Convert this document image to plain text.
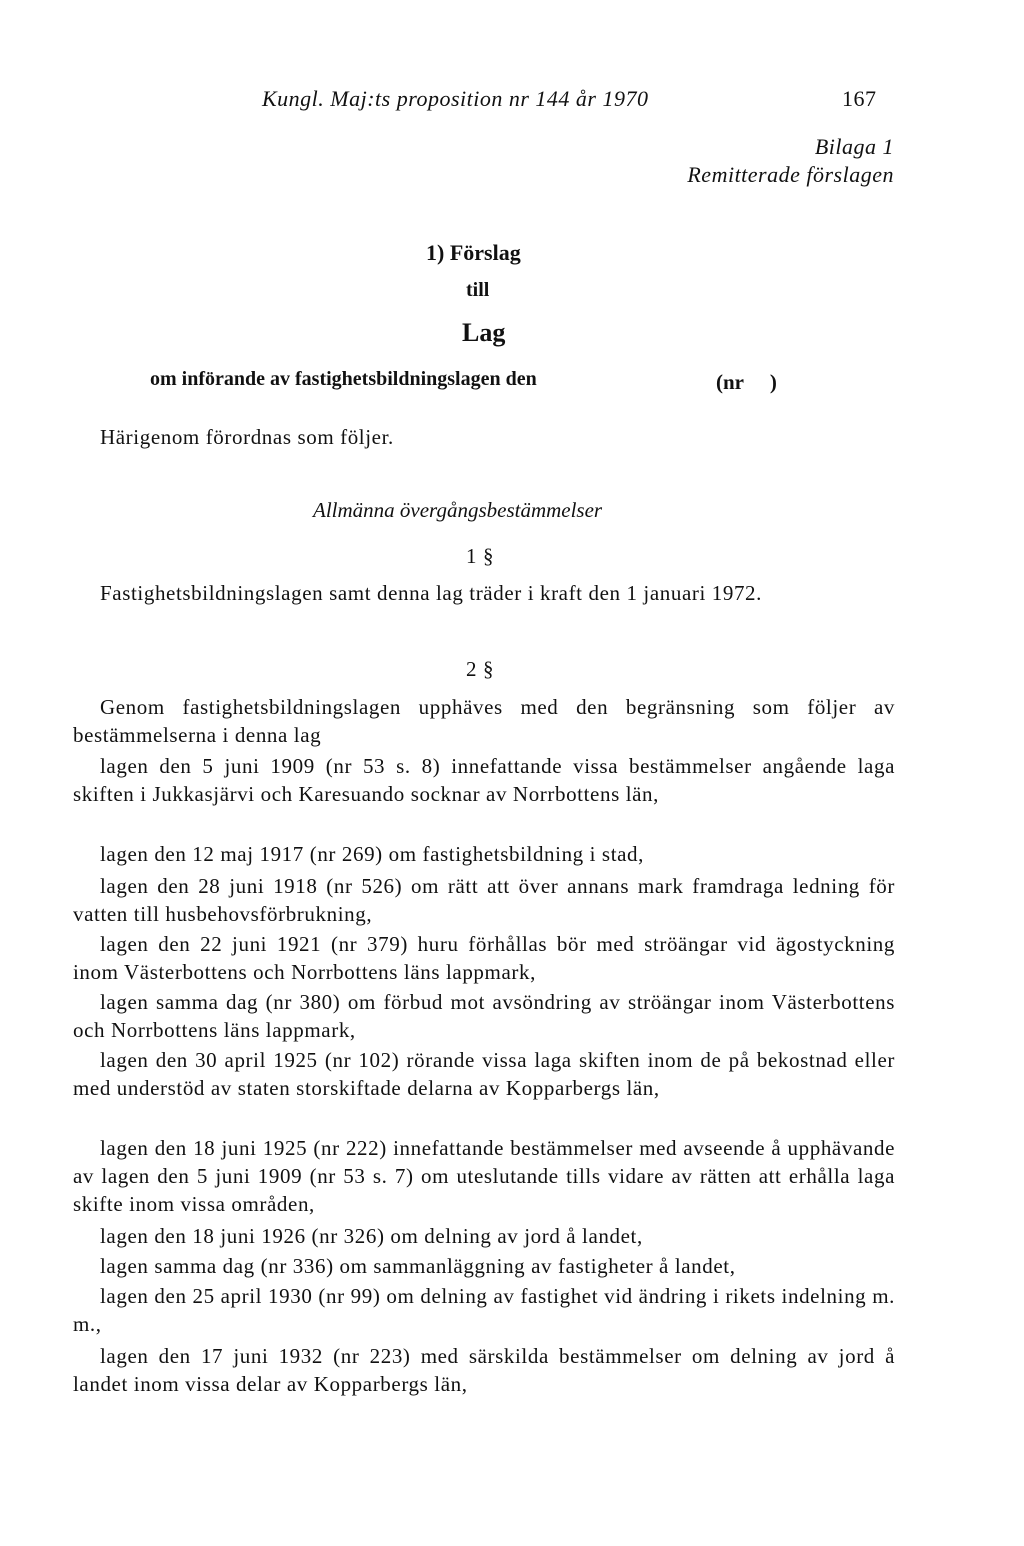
Kungl. Maj:ts proposition nr 144 år 1970	167
Bilaga 1
Remitterade förslagen
1) Förslag
till
Lag
om införande av fastighetsbildningslagen den	(nr     )
Härigenom förordnas som följer.
Allmänna övergångsbestämmelser
1 §
Fastighetsbildningslagen samt denna lag träder i kraft den 1 januari 1972.
2 §
Genom fastighetsbildningslagen upphäves med den begränsning som följer av bestämmelserna i denna lag
lagen den 5 juni 1909 (nr 53 s. 8) innefattande vissa bestämmelser angående laga skiften i Jukkasjärvi och Karesuando socknar av Norrbottens län,
lagen den 12 maj 1917 (nr 269) om fastighetsbildning i stad,
lagen den 28 juni 1918 (nr 526) om rätt att över annans mark framdraga ledning för vatten till husbehovsförbrukning,
lagen den 22 juni 1921 (nr 379) huru förhållas bör med ströängar vid ägostyckning inom Västerbottens och Norrbottens läns lappmark,
lagen samma dag (nr 380) om förbud mot avsöndring av ströängar inom Västerbottens och Norrbottens läns lappmark,
lagen den 30 april 1925 (nr 102) rörande vissa laga skiften inom de på bekostnad eller med understöd av staten storskiftade delarna av Kopparbergs län,
lagen den 18 juni 1925 (nr 222) innefattande bestämmelser med avseende å upphävande av lagen den 5 juni 1909 (nr 53 s. 7) om uteslutande tills vidare av rätten att erhålla laga skifte inom vissa områden,
lagen den 18 juni 1926 (nr 326) om delning av jord å landet,
lagen samma dag (nr 336) om sammanläggning av fastigheter å landet,
lagen den 25 april 1930 (nr 99) om delning av fastighet vid ändring i rikets indelning m. m.,
lagen den 17 juni 1932 (nr 223) med särskilda bestämmelser om delning av jord å landet inom vissa delar av Kopparbergs län,
